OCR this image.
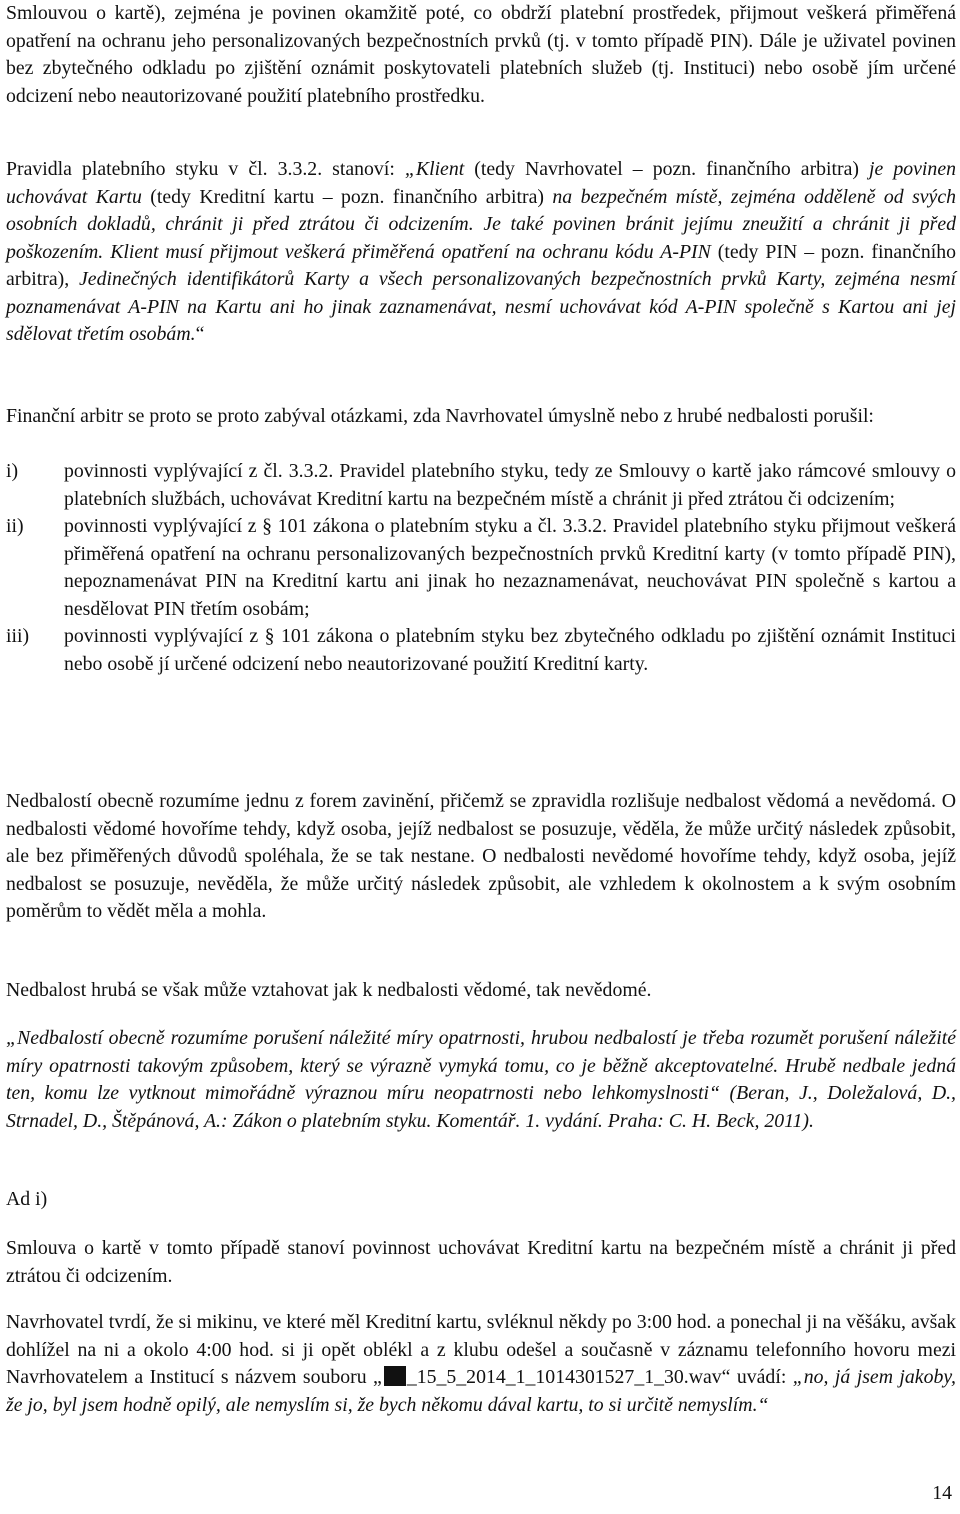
Smlouvou o kartě), zejména je povinen okamžitě poté, co obdrží platební prostředek, přijmout veškerá přiměřená opatření na ochranu jeho personalizovaných bezpečnostních prvků (tj. v tomto případě PIN). Dále je uživatel povinen bez zbytečného odkladu po zjištění oznámit poskytovateli platebních služeb (tj. Instituci) nebo osobě jím určené odcizení nebo neautorizované použití platebního prostředku.
Pravidla platebního styku v čl. 3.3.2. stanoví: „Klient (tedy Navrhovatel – pozn. finančního arbitra) je povinen uchovávat Kartu (tedy Kreditní kartu – pozn. finančního arbitra) na bezpečném místě, zejména odděleně od svých osobních dokladů, chránit ji před ztrátou či odcizením. Je také povinen bránit jejímu zneužití a chránit ji před poškozením. Klient musí přijmout veškerá přiměřená opatření na ochranu kódu A-PIN (tedy PIN – pozn. finančního arbitra), Jedinečných identifikátorů Karty a všech personalizovaných bezpečnostních prvků Karty, zejména nesmí poznamenávat A-PIN na Kartu ani ho jinak zaznamenávat, nesmí uchovávat kód A-PIN společně s Kartou ani jej sdělovat třetím osobám.“
Finanční arbitr se proto se proto zabýval otázkami, zda Navrhovatel úmyslně nebo z hrubé nedbalosti porušil:
i)	povinnosti vyplývající z čl. 3.3.2. Pravidel platebního styku, tedy ze Smlouvy o kartě jako rámcové smlouvy o platebních službách, uchovávat Kreditní kartu na bezpečném místě a chránit ji před ztrátou či odcizením;
ii)	povinnosti vyplývající z § 101 zákona o platebním styku a čl. 3.3.2. Pravidel platebního styku přijmout veškerá přiměřená opatření na ochranu personalizovaných bezpečnostních prvků Kreditní karty (v tomto případě PIN), nepoznamenávat PIN na Kreditní kartu ani jinak ho nezaznamenávat, neuchovávat PIN společně s kartou a nesdělovat PIN třetím osobám;
iii)	povinnosti vyplývající z § 101 zákona o platebním styku bez zbytečného odkladu po zjištění oznámit Instituci nebo osobě jí určené odcizení nebo neautorizované použití Kreditní karty.
Nedbalostí obecně rozumíme jednu z forem zavinění, přičemž se zpravidla rozlišuje nedbalost vědomá a nevědomá. O nedbalosti vědomé hovoříme tehdy, když osoba, jejíž nedbalost se posuzuje, věděla, že může určitý následek způsobit, ale bez přiměřených důvodů spoléhala, že se tak nestane. O nedbalosti nevědomé hovoříme tehdy, když osoba, jejíž nedbalost se posuzuje, nevěděla, že může určitý následek způsobit, ale vzhledem k okolnostem a k svým osobním poměrům to vědět měla a mohla.
Nedbalost hrubá se však může vztahovat jak k nedbalosti vědomé, tak nevědomé.
„Nedbalostí obecně rozumíme porušení náležité míry opatrnosti, hrubou nedbalostí je třeba rozumět porušení náležité míry opatrnosti takovým způsobem, který se výrazně vymyká tomu, co je běžně akceptovatelné. Hrubě nedbale jedná ten, komu lze vytknout mimořádně výraznou míru neopatrnosti nebo lehkomyslnosti“ (Beran, J., Doležalová, D., Strnadel, D., Štěpánová, A.: Zákon o platebním styku. Komentář. 1. vydání. Praha: C. H. Beck, 2011).
Ad i)
Smlouva o kartě v tomto případě stanoví povinnost uchovávat Kreditní kartu na bezpečném místě a chránit ji před ztrátou či odcizením.
Navrhovatel tvrdí, že si mikinu, ve které měl Kreditní kartu, svléknul někdy po 3:00 hod. a ponechal ji na věšáku, avšak dohlížel na ni a okolo 4:00 hod. si ji opět oblékl a z klubu odešel a současně v záznamu telefonního hovoru mezi Navrhovatelem a Institucí s názvem souboru „ _15_5_2014_1_1014301527_1_30.wav“ uvádí: „no, já jsem jakoby, že jo, byl jsem hodně opilý, ale nemyslím si, že bych někomu dával kartu, to si určitě nemyslím.“
14
